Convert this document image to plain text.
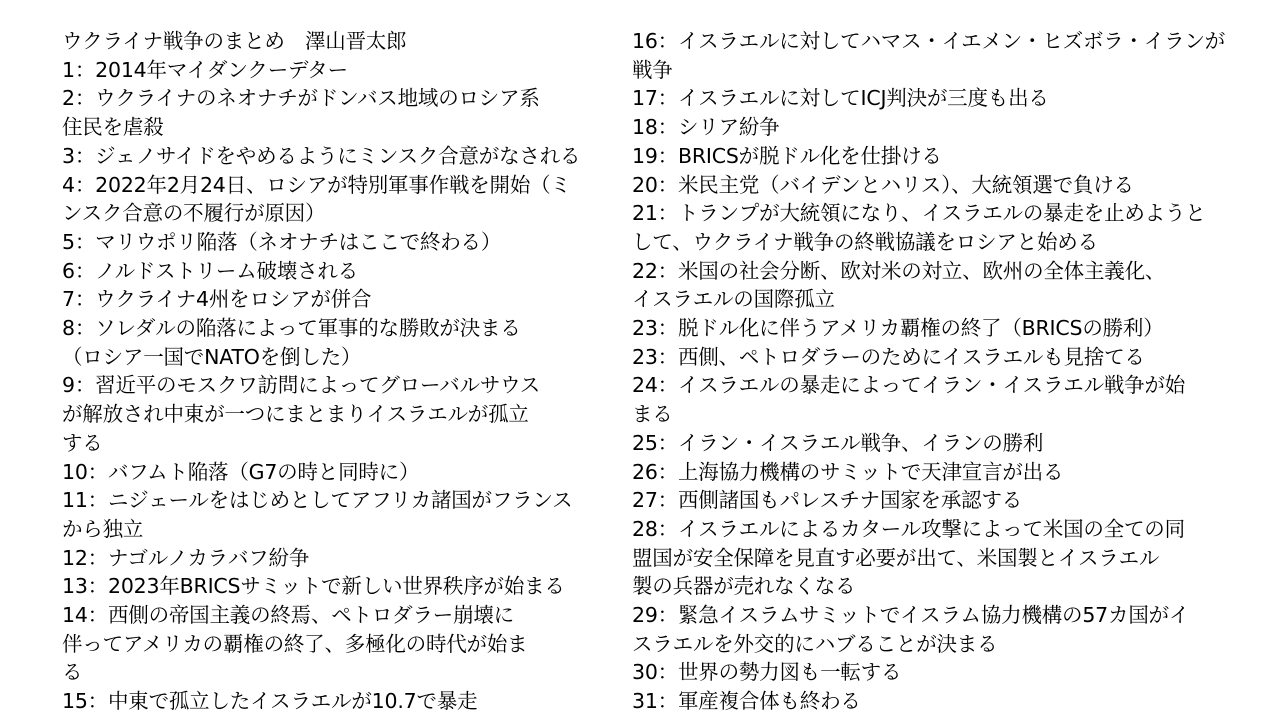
ウクライナ戦争のまとめ　澤山晋太郎
1：2014年マイダンクーデター
2：ウクライナのネオナチがドンバス地域のロシア系
住民を虐殺
3：ジェノサイドをやめるようにミンスク合意がなされる
4：2022年2月24日、ロシアが特別軍事作戦を開始（ミ
ンスク合意の不履行が原因）
5：マリウポリ陥落（ネオナチはここで終わる）
6：ノルドストリーム破壊される
7：ウクライナ4州をロシアが併合
8：ソレダルの陥落によって軍事的な勝敗が決まる
（ロシア一国でNATOを倒した）
9：習近平のモスクワ訪問によってグローバルサウス
が解放され中東が一つにまとまりイスラエルが孤立
する
10：バフムト陥落（G7の時と同時に）
11：ニジェールをはじめとしてアフリカ諸国がフランス
から独立
12：ナゴルノカラバフ紛争
13：2023年BRICSサミットで新しい世界秩序が始まる
14：西側の帝国主義の終焉、ペトロダラー崩壊に
伴ってアメリカの覇権の終了、多極化の時代が始ま
る
15：中東で孤立したイスラエルが10.7で暴走
16：イスラエルに対してハマス・イエメン・ヒズボラ・イランが
戦争
17：イスラエルに対してICJ判決が三度も出る
18：シリア紛争
19：BRICSが脱ドル化を仕掛ける
20：米民主党（バイデンとハリス）、大統領選で負ける
21：トランプが大統領になり、イスラエルの暴走を止めようと
して、ウクライナ戦争の終戦協議をロシアと始める
22：米国の社会分断、欧対米の対立、欧州の全体主義化、
イスラエルの国際孤立
23：脱ドル化に伴うアメリカ覇権の終了（BRICSの勝利）
23：西側、ペトロダラーのためにイスラエルも見捨てる
24：イスラエルの暴走によってイラン・イスラエル戦争が始
まる
25：イラン・イスラエル戦争、イランの勝利
26：上海協力機構のサミットで天津宣言が出る
27：西側諸国もパレスチナ国家を承認する
28：イスラエルによるカタール攻撃によって米国の全ての同
盟国が安全保障を見直す必要が出て、米国製とイスラエル
製の兵器が売れなくなる
29：緊急イスラムサミットでイスラム協力機構の57カ国がイ
スラエルを外交的にハブることが決まる
30：世界の勢力図も一転する
31：軍産複合体も終わる
